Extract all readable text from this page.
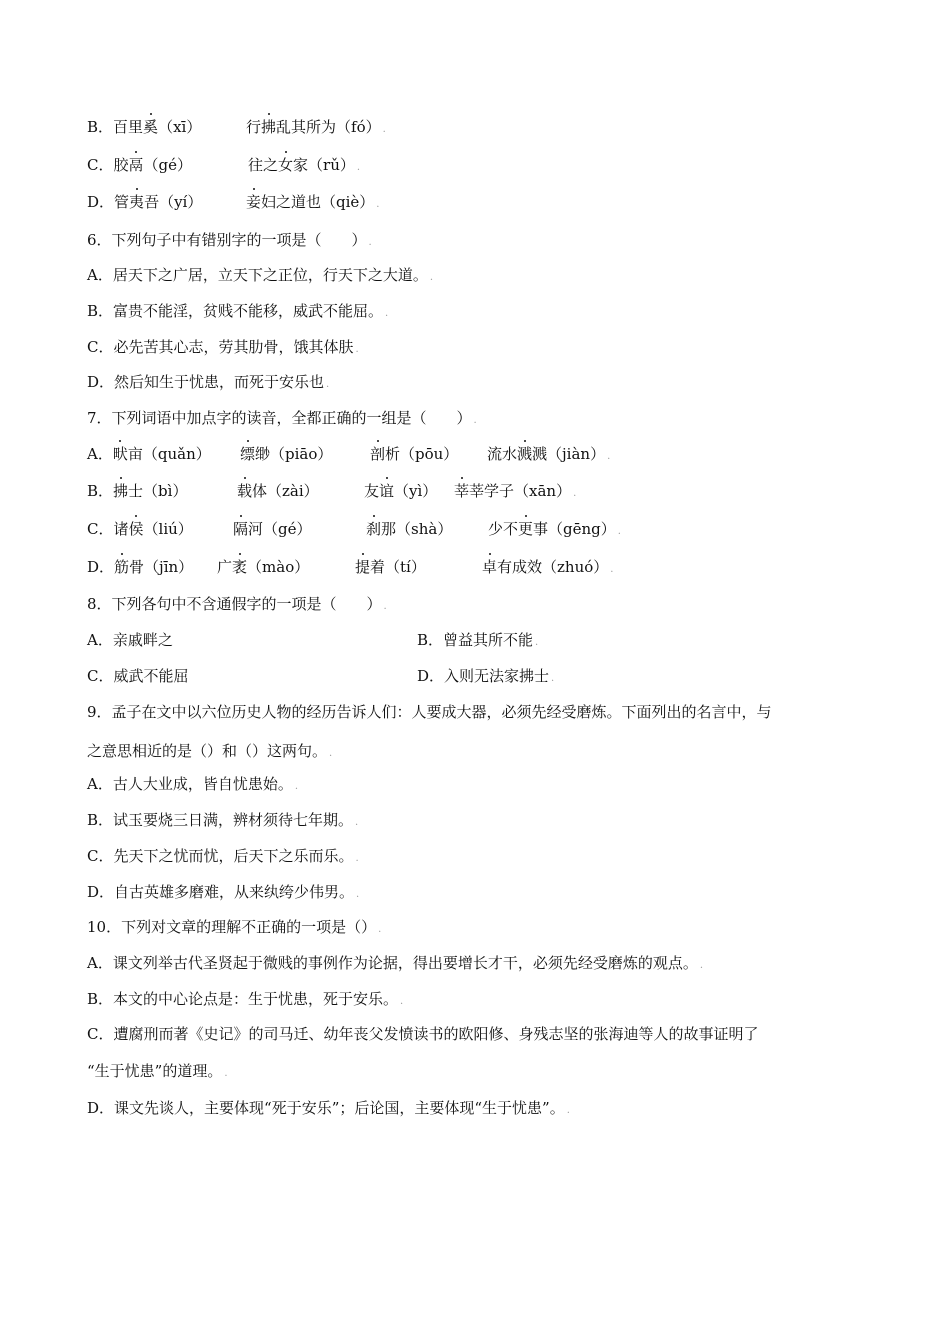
B．百里奚（xī）	行拂乱其所为（fó） .
C．胶鬲（gé）	往之女家（rǔ） .
D．管夷吾（yí）	妾妇之道也（qiè） .
6．下列句子中有错别字的一项是（　　） .
A．居天下之广居，立天下之正位，行天下之大道。 .
B．富贵不能淫，贫贱不能移，威武不能屈。 .
C．必先苦其心志，劳其肋骨，饿其体肤 .
D．然后知生于忧患，而死于安乐也 .
7．下列词语中加点字的读音，全都正确的一组是（　　） .
A．畎亩（quǎn） 缥缈（piāo）	剖析（pōu） 流水溅溅（jiàn） .
B．拂士（bì）	载体（zài）	友谊（yì） 莘莘学子（xān） .
C．诸侯（liú）	隔河（gé）	刹那（shà） 少不更事（gēng） .
D．筋骨（jīn） 广袤（mào）	提着（tí）	卓有成效（zhuó） .
8．下列各句中不含通假字的一项是（　　） .
A．亲戚畔之	B．曾益其所不能 .
C．威武不能屈	D．入则无法家拂士 .
9．孟子在文中以六位历史人物的经历告诉人们：人要成大器，必须先经受磨炼。下面列出的名言中，与
之意思相近的是（）和（）这两句。 .
A．古人大业成，皆自忧患始。 .
B．试玉要烧三日满，辨材须待七年期。 .
C．先天下之忧而忧，后天下之乐而乐。 .
D．自古英雄多磨难，从来纨绔少伟男。 .
10．下列对文章的理解不正确的一项是（） .
A．课文列举古代圣贤起于微贱的事例作为论据，得出要增长才干，必须先经受磨炼的观点。 .
B．本文的中心论点是：生于忧患，死于安乐。 .
C．遭腐刑而著《史记》的司马迁、幼年丧父发愤读书的欧阳修、身残志坚的张海迪等人的故事证明了
“生于忧患”的道理。 .
D．课文先谈人，主要体现“死于安乐”；后论国，主要体现“生于忧患”。 .
